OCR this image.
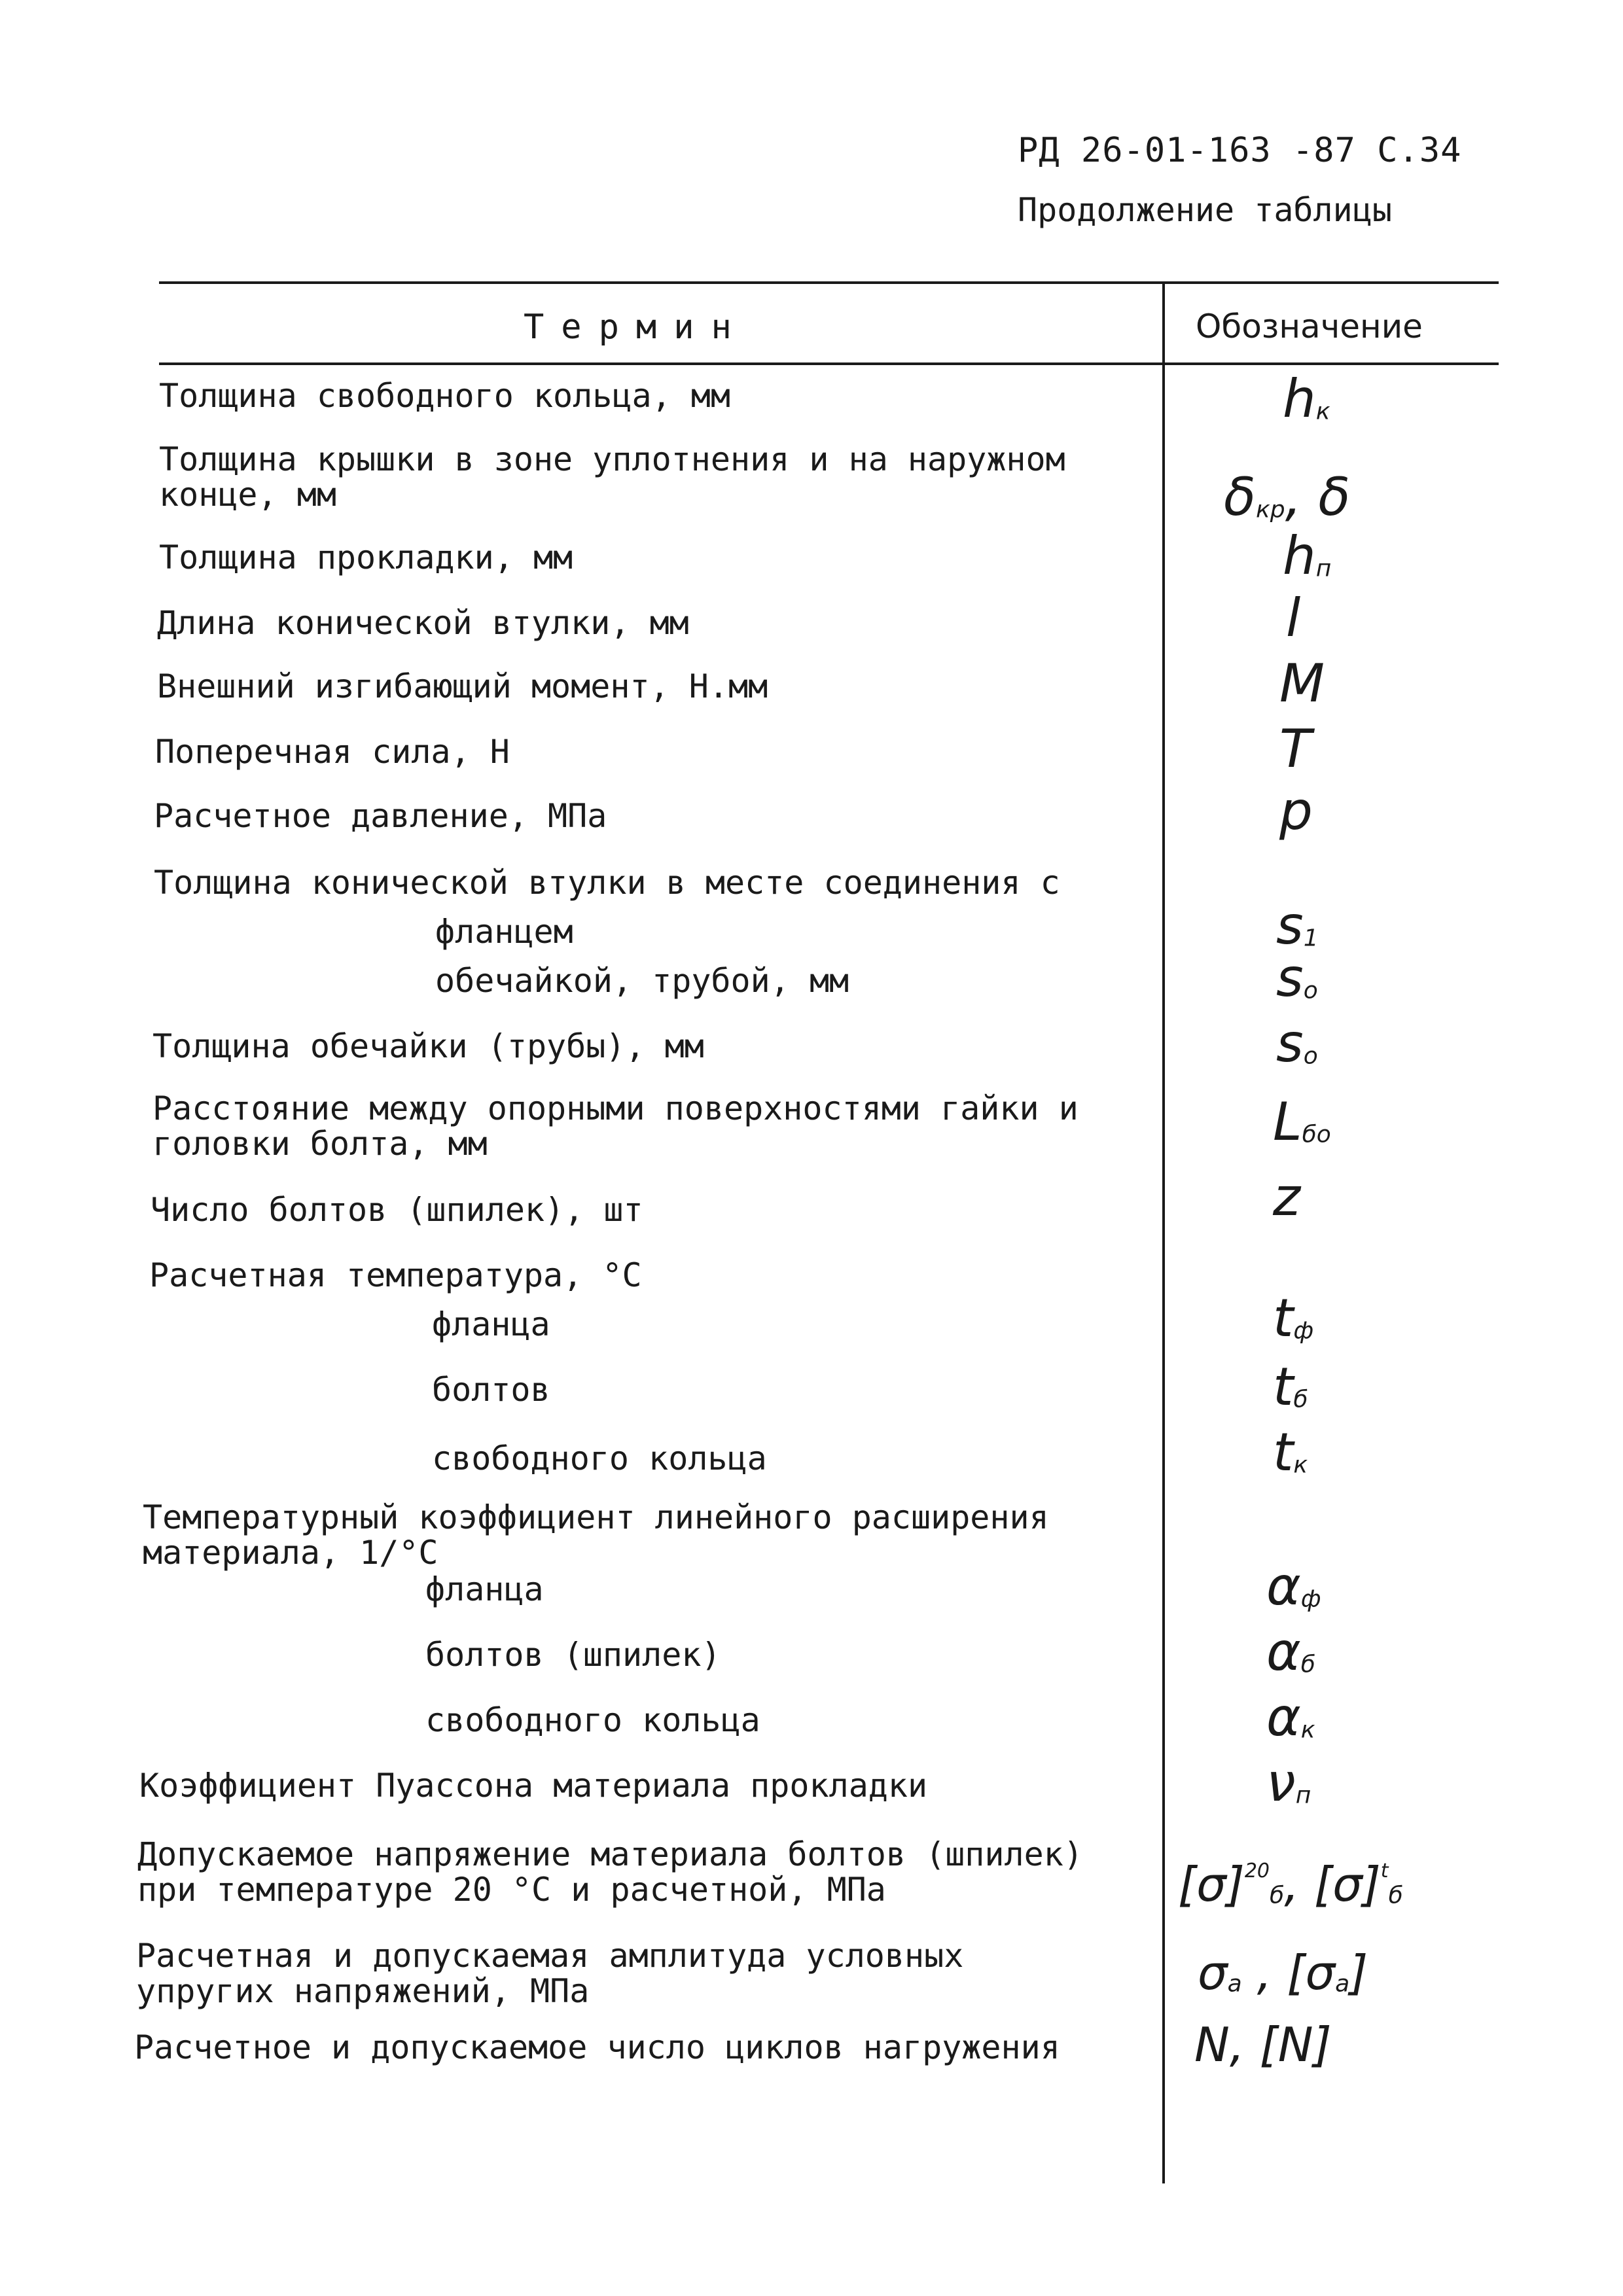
РД 26-01-163 -87 С.34
Продолжение таблицы
Термин	Обозначение
Толщина свободного кольца, мм
Толщина крышки в зоне уплотнения и на наружном
конце, мм
Толщина прокладки, мм
Длина конической втулки, мм
Внешний изгибающий момент, Н.мм
Поперечная сила, Н
Расчетное давление, МПа
Толщина конической втулки в месте соединения с
фланцем
обечайкой, трубой, мм
Толщина обечайки (трубы), мм
Расстояние между опорными поверхностями гайки и
головки болта, мм
Число болтов (шпилек), шт
Расчетная температура, °С
фланца
болтов
свободного кольца
Температурный коэффициент линейного расширения
материала, 1/°С
фланца
болтов (шпилек)
свободного кольца
Коэффициент Пуассона материала прокладки
Допускаемое напряжение материала болтов (шпилек)
при температуре 20 °С и расчетной, МПа
Расчетная и допускаемая амплитуда условных
упругих напряжений, МПа
Расчетное и допускаемое число циклов нагружения
$h_к$
$\delta_{кр}$, δ
$h_п$
l
M
T
p
$s_1$
$s_o$
$s_o$
$L_{бo}$
z
$t_ф$
$t_б$
$t_к$
$\alpha_ф$
$\alpha_б$
$\alpha_к$
$\nu_п$
$[\sigma]^{20}_б$, $[\sigma]^t_б$
$\sigma_a$ , $[\sigma_a]$
N, [N]
